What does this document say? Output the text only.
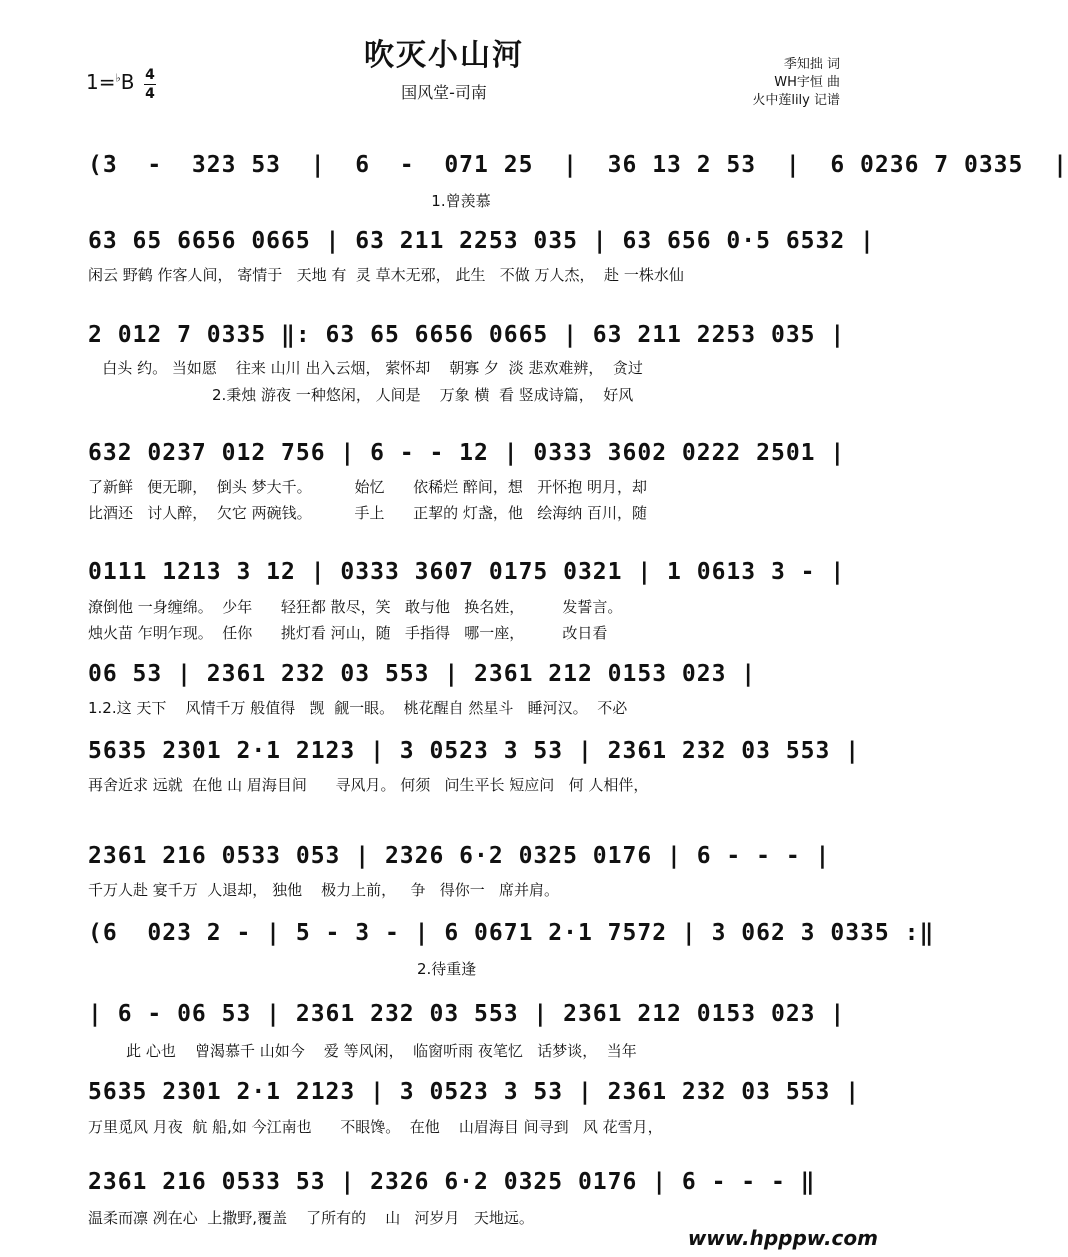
吹灭小山河
国风堂-司南
1=♭B 4
4
季知拙 词
WH宇恒 曲
火中莲lily 记谱
(3  -  323 53  |  6  -  071 25  |  36 13 2 53  |  6 0236 7 0335  |
1.曾羡慕
63 65 6656 0665 | 63 211 2253 035 | 63 656 0·5 6532 |
闲云 野鹤 作客人间， 寄情于   天地 有  灵 草木无邪， 此生   不做 万人杰，  赴 一株水仙
2 012 7 0335 ‖: 63 65 6656 0665 | 63 211 2253 035 |
白头 约。 当如愿    往来 山川 出入云烟， 萦怀却    朝寡 夕  淡 悲欢难辨，  贪过
2.秉烛 游夜 一种悠闲， 人间是    万象 横  看 竖成诗篇，  好风
632 0237 012 756 | 6 - - 12 | 0333 3602 0222 2501 |
了新鲜   便无聊，  倒头 梦大千。         始忆      依稀烂 醉间，想   开怀抱 明月，却
比酒还   讨人醉，  欠它 两碗钱。         手上      正挈的 灯盏，他   绘海纳 百川，随
0111 1213 3 12 | 0333 3607 0175 0321 | 1 0613 3 - |
潦倒他 一身缠绵。  少年      轻狂都 散尽，笑   敢与他   换名姓，        发誓言。
烛火苗 乍明乍现。  任你      挑灯看 河山，随   手指得   哪一座，        改日看
06 53 | 2361 232 03 553 | 2361 212 0153 023 |
1.2.这 天下    风情千万 般值得   觊  觎一眼。  桃花醒自 然星斗   睡河汉。  不必
5635 2301 2·1 2123 | 3 0523 3 53 | 2361 232 03 553 |
再舍近求 远就  在他 山 眉海目间      寻风月。 何须   问生平长 短应问   何 人相伴，
2361 216 0533 053 | 2326 6·2 0325 0176 | 6 - - - |
千万人赴 宴千万  人退却， 独他    极力上前，   争   得你一   席并肩。
(6  023 2 - | 5 - 3 - | 6 0671 2·1 7572 | 3 062 3 0335 :‖
2.待重逢
| 6 - 06 53 | 2361 232 03 553 | 2361 212 0153 023 |
此 心也    曾渴慕千 山如今    爱 等风闲，  临窗听雨 夜笔忆   话梦谈，  当年
5635 2301 2·1 2123 | 3 0523 3 53 | 2361 232 03 553 |
万里觅风 月夜  航 船,如 今江南也      不眼馋。  在他    山眉海目 间寻到   风 花雪月，
2361 216 0533 53 | 2326 6·2 0325 0176 | 6 - - - ‖
温柔而凛 冽在心  上撒野,覆盖    了所有的    山   河岁月   天地远。
www.hpppw.com
